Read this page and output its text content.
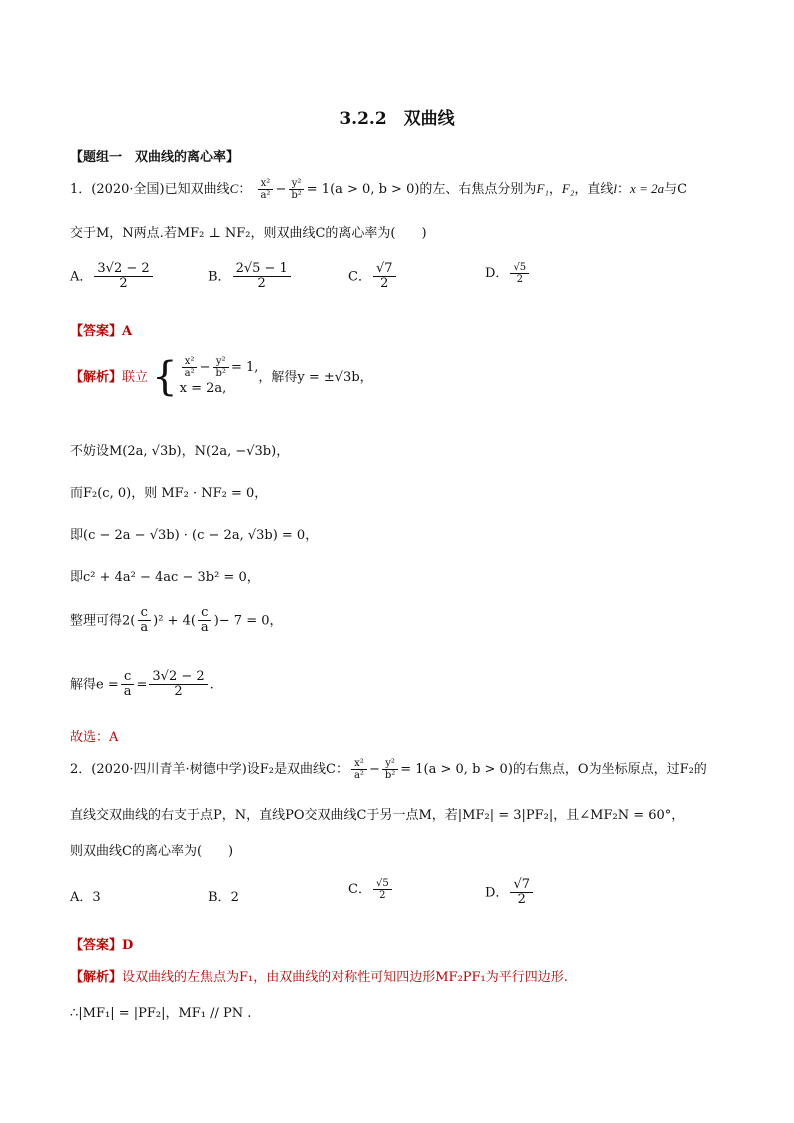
3.2.2　双曲线
【题组一　双曲线的离心率】
1．(2020·全国)已知双曲线C： $\frac{\text{x²}}{\text{a²}} - \frac{\text{y²}}{\text{b²}} = 1(a > 0$, b > 0)的左、右焦点分别为F₁，F₂，直线l：x = 2a与C
交于M，N两点.若MF₂ ⊥ NF₂，则双曲线C的离心率为(　　)
A． $\frac{3√2 - 2}{2}$	B． $\frac{2√5 - 1}{2}$	C． $\frac{√7}{2}$	D． $\frac{√5}{2}$
【答案】A
【解析】联立 { $\frac{\text{x²}}{\text{a²}} - \frac{\text{y²}}{\text{b²}} = 1$,
x = 2a,
，解得y = ±√3b，
不妨设M(2a, √3b)，N(2a, −√3b)，
而F₂(c, 0)，则 MF₂ · NF₂ = 0，
即(c − 2a − √3b) · (c − 2a, √3b) = 0，
即c² + 4a² − 4ac − 3b² = 0，
整理可得$2( \frac{c}{a} )^2 + 4( \frac{c}{a}$ )− 7 = 0，
解得$e = \frac{c}{a} = \frac{3√2 - 2}{2}$ .
故选：A
2．(2020·四川青羊·树德中学)设F₂是双曲线C： $\frac{\text{x²}}{\text{a²}} - \frac{\text{y²}}{\text{b²}} = 1(a > 0$, b > 0)的右焦点，O为坐标原点，过F₂的
直线交双曲线的右支于点P，N，直线PO交双曲线C于另一点M，若|MF₂| = 3|PF₂|，且∠MF₂N = 60°，
则双曲线C的离心率为(　　)
A．3	B．2
C． $\frac{√5}{2}$	D． $\frac{√7}{2}$
【答案】D
【解析】设双曲线的左焦点为F₁，由双曲线的对称性可知四边形MF₂PF₁为平行四边形.
∴|MF₁| = |PF₂|，MF₁ // PN .
